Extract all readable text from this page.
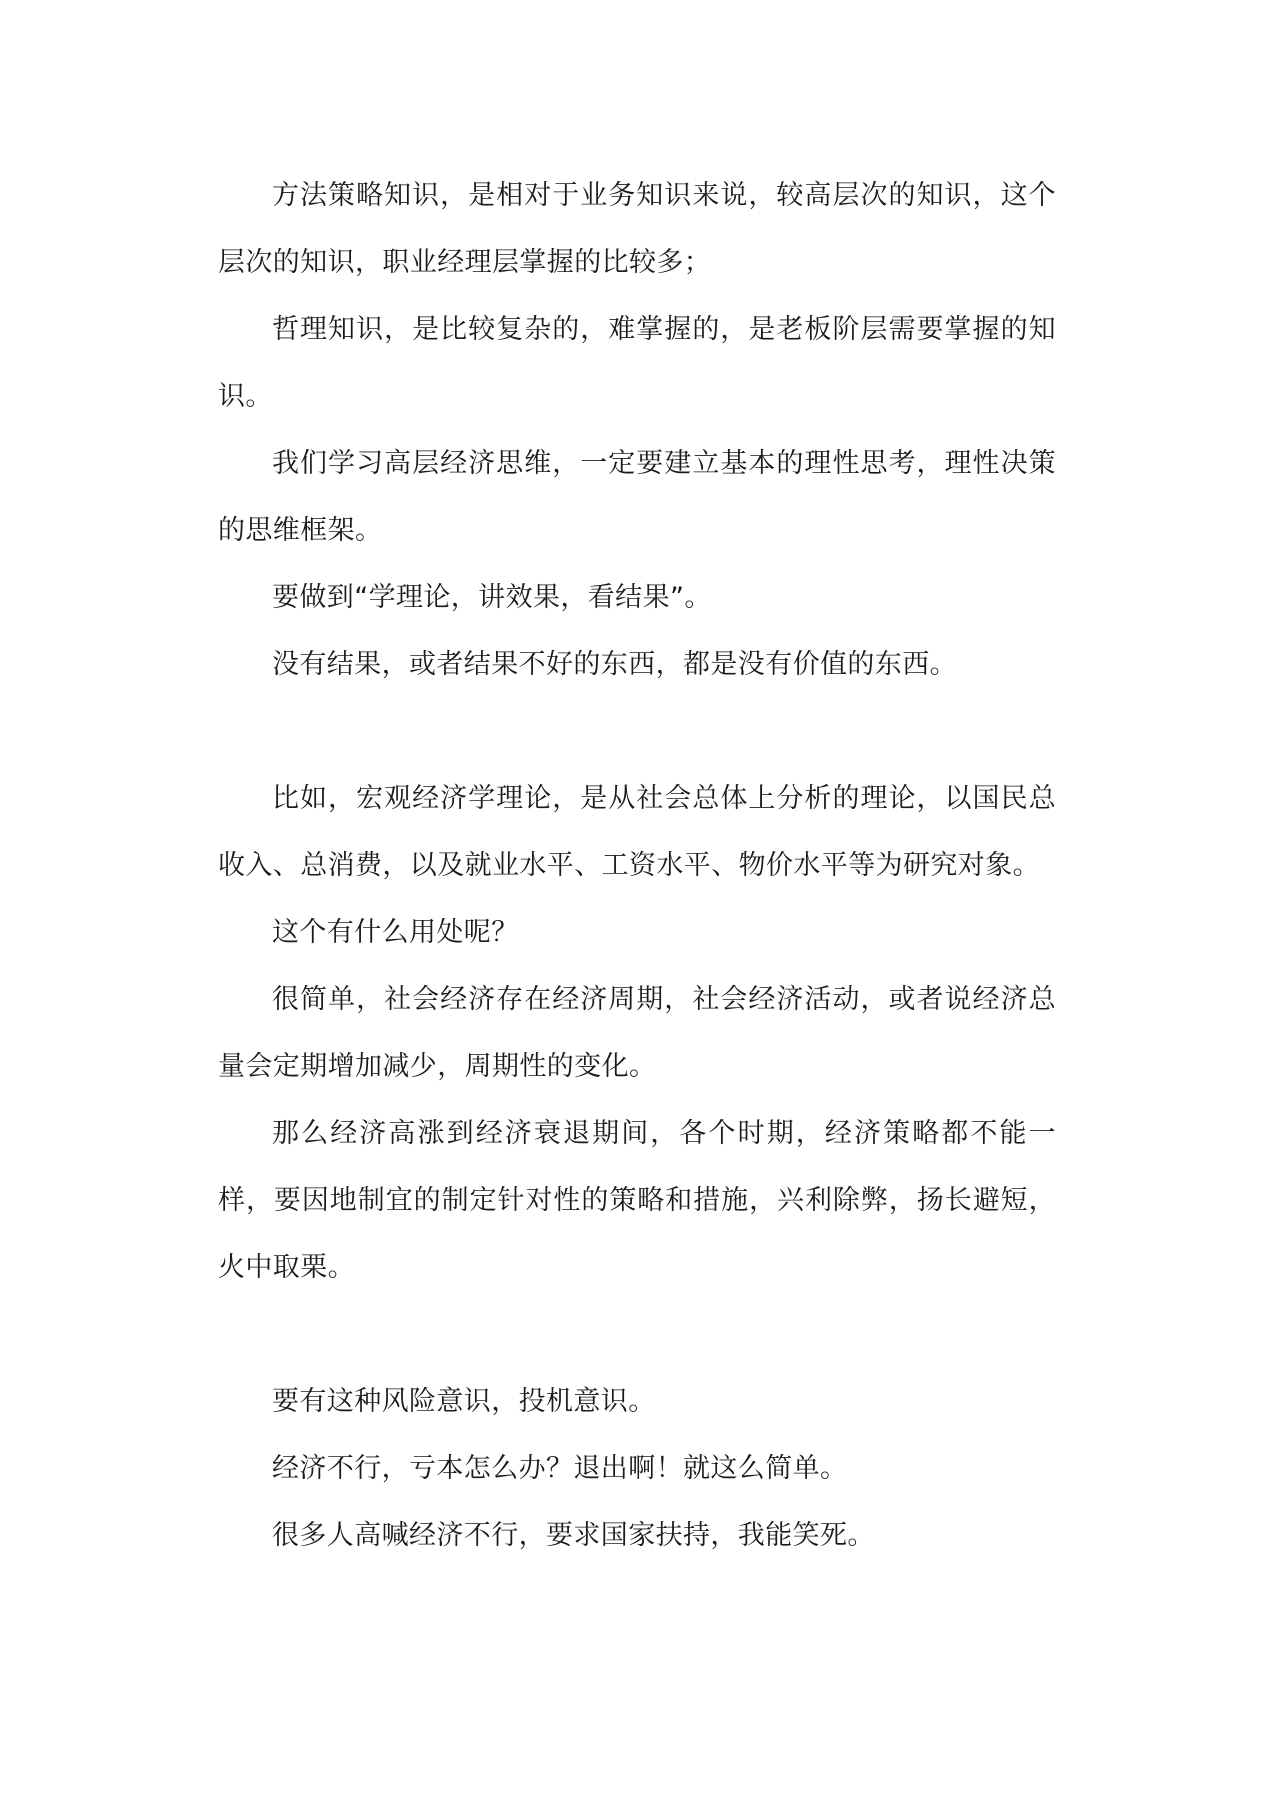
方法策略知识，是相对于业务知识来说，较高层次的知识，这个层次的知识，职业经理层掌握的比较多；

哲理知识，是比较复杂的，难掌握的，是老板阶层需要掌握的知识。

我们学习高层经济思维，一定要建立基本的理性思考，理性决策的思维框架。

要做到“学理论，讲效果，看结果”。

没有结果，或者结果不好的东西，都是没有价值的东西。

比如，宏观经济学理论，是从社会总体上分析的理论，以国民总收入、总消费，以及就业水平、工资水平、物价水平等为研究对象。

这个有什么用处呢？

很简单，社会经济存在经济周期，社会经济活动，或者说经济总量会定期增加减少，周期性的变化。

那么经济高涨到经济衰退期间，各个时期，经济策略都不能一样，要因地制宜的制定针对性的策略和措施，兴利除弊，扬长避短，火中取栗。

要有这种风险意识，投机意识。

经济不行，亏本怎么办？退出啊！就这么简单。

很多人高喊经济不行，要求国家扶持，我能笑死。
